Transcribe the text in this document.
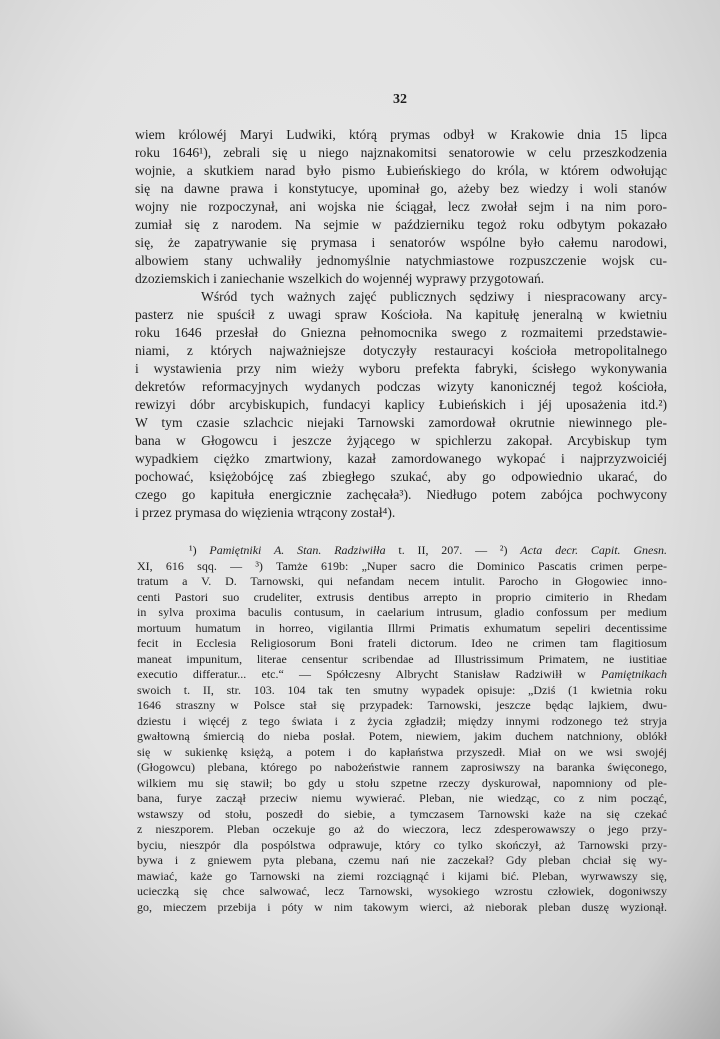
32
wiem królowéj Maryi Ludwiki, którą prymas odbył w Krakowie dnia 15 lipca
roku 1646¹), zebrali się u niego najznakomitsi senatorowie w celu przeszkodzenia
wojnie, a skutkiem narad było pismo Łubieńskiego do króla, w którem odwołując
się na dawne prawa i konstytucye, upominał go, ażeby bez wiedzy i woli stanów
wojny nie rozpoczynał, ani wojska nie ściągał, lecz zwołał sejm i na nim poro-
zumiał się z narodem. Na sejmie w październiku tegoż roku odbytym pokazało
się, że zapatrywanie się prymasa i senatorów wspólne było całemu narodowi,
albowiem stany uchwaliły jednomyślnie natychmiastowe rozpuszczenie wojsk cu-
dzoziemskich i zaniechanie wszelkich do wojennéj wyprawy przygotowań.
Wśród tych ważnych zajęć publicznych sędziwy i niespracowany arcy-
pasterz nie spuścił z uwagi spraw Kościoła. Na kapitułę jeneralną w kwietniu
roku 1646 przesłał do Gniezna pełnomocnika swego z rozmaitemi przedstawie-
niami, z których najważniejsze dotyczyły restauracyi kościoła metropolitalnego
i wystawienia przy nim wieży wyboru prefekta fabryki, ścisłego wykonywania
dekretów reformacyjnych wydanych podczas wizyty kanonicznéj tegoż kościoła,
rewizyi dóbr arcybiskupich, fundacyi kaplicy Łubieńskich i jéj uposażenia itd.²)
W tym czasie szlachcic niejaki Tarnowski zamordował okrutnie niewinnego ple-
bana w Głogowcu i jeszcze żyjącego w spichlerzu zakopał. Arcybiskup tym
wypadkiem ciężko zmartwiony, kazał zamordowanego wykopać i najprzyzwoiciéj
pochować, księżobójcę zaś zbiegłego szukać, aby go odpowiednio ukarać, do
czego go kapituła energicznie zachęcała³). Niedługo potem zabójca pochwycony
i przez prymasa do więzienia wtrącony został⁴).
¹) Pamiętniki A. Stan. Radziwiłła t. II, 207. — ²) Acta decr. Capit. Gnesn.
XI, 616 sqq. — ³) Tamże 619b: „Nuper sacro die Dominico Pascatis crimen perpe-
tratum a V. D. Tarnowski, qui nefandam necem intulit. Parocho in Głogowiec inno-
centi Pastori suo crudeliter, extrusis dentibus arrepto in proprio cimiterio in Rhedam
in sylva proxima baculis contusum, in caelarium intrusum, gladio confossum per medium
mortuum humatum in horreo, vigilantia Illrmi Primatis exhumatum sepeliri decentissime
fecit in Ecclesia Religiosorum Boni frateli dictorum. Ideo ne crimen tam flagitiosum
maneat impunitum, literae censentur scribendae ad Illustrissimum Primatem, ne iustitiae
executio differatur... etc.“ — Spółczesny Albrycht Stanisław Radziwiłł w Pamiętnikach
swoich t. II, str. 103. 104 tak ten smutny wypadek opisuje: „Dziś (1 kwietnia roku
1646 straszny w Polsce stał się przypadek: Tarnowski, jeszcze będąc lajkiem, dwu-
dziestu i więcéj z tego świata i z życia zgładził; między innymi rodzonego też stryja
gwałtowną śmiercią do nieba posłał. Potem, niewiem, jakim duchem natchniony, oblókł
się w sukienkę księżą, a potem i do kapłaństwa przyszedł. Miał on we wsi swojéj
(Głogowcu) plebana, którego po nabożeństwie rannem zaprosiwszy na baranka święconego,
wilkiem mu się stawił; bo gdy u stołu szpetne rzeczy dyskurował, napomniony od ple-
bana, furye zaczął przeciw niemu wywierać. Pleban, nie wiedząc, co z nim począć,
wstawszy od stołu, poszedł do siebie, a tymczasem Tarnowski każe na się czekać
z nieszporem. Pleban oczekuje go aż do wieczora, lecz zdesperowawszy o jego przy-
byciu, nieszpór dla pospólstwa odprawuje, który co tylko skończył, aż Tarnowski przy-
bywa i z gniewem pyta plebana, czemu nań nie zaczekał? Gdy pleban chciał się wy-
mawiać, każe go Tarnowski na ziemi rozciągnąć i kijami bić. Pleban, wyrwawszy się,
ucieczką się chce salwować, lecz Tarnowski, wysokiego wzrostu człowiek, dogoniwszy
go, mieczem przebija i póty w nim takowym wierci, aż nieborak pleban duszę wyzionął.
